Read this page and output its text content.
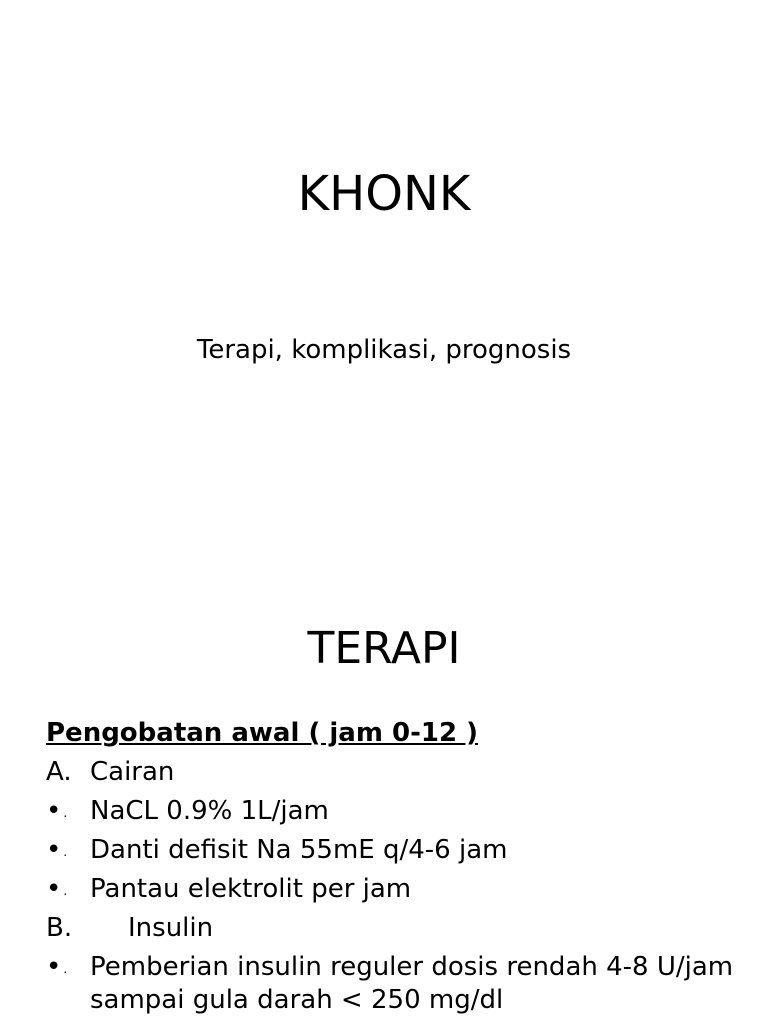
KHONK
Terapi, komplikasi, prognosis
TERAPI
Pengobatan awal ( jam 0-12 )
A. Cairan
• . NaCL 0.9% 1L/jam
• . Danti defisit Na 55mE q/4-6 jam
• . Pantau elektrolit per jam
B. Insulin
• . Pemberian insulin reguler dosis rendah 4-8 U/jam sampai gula darah < 250 mg/dl
